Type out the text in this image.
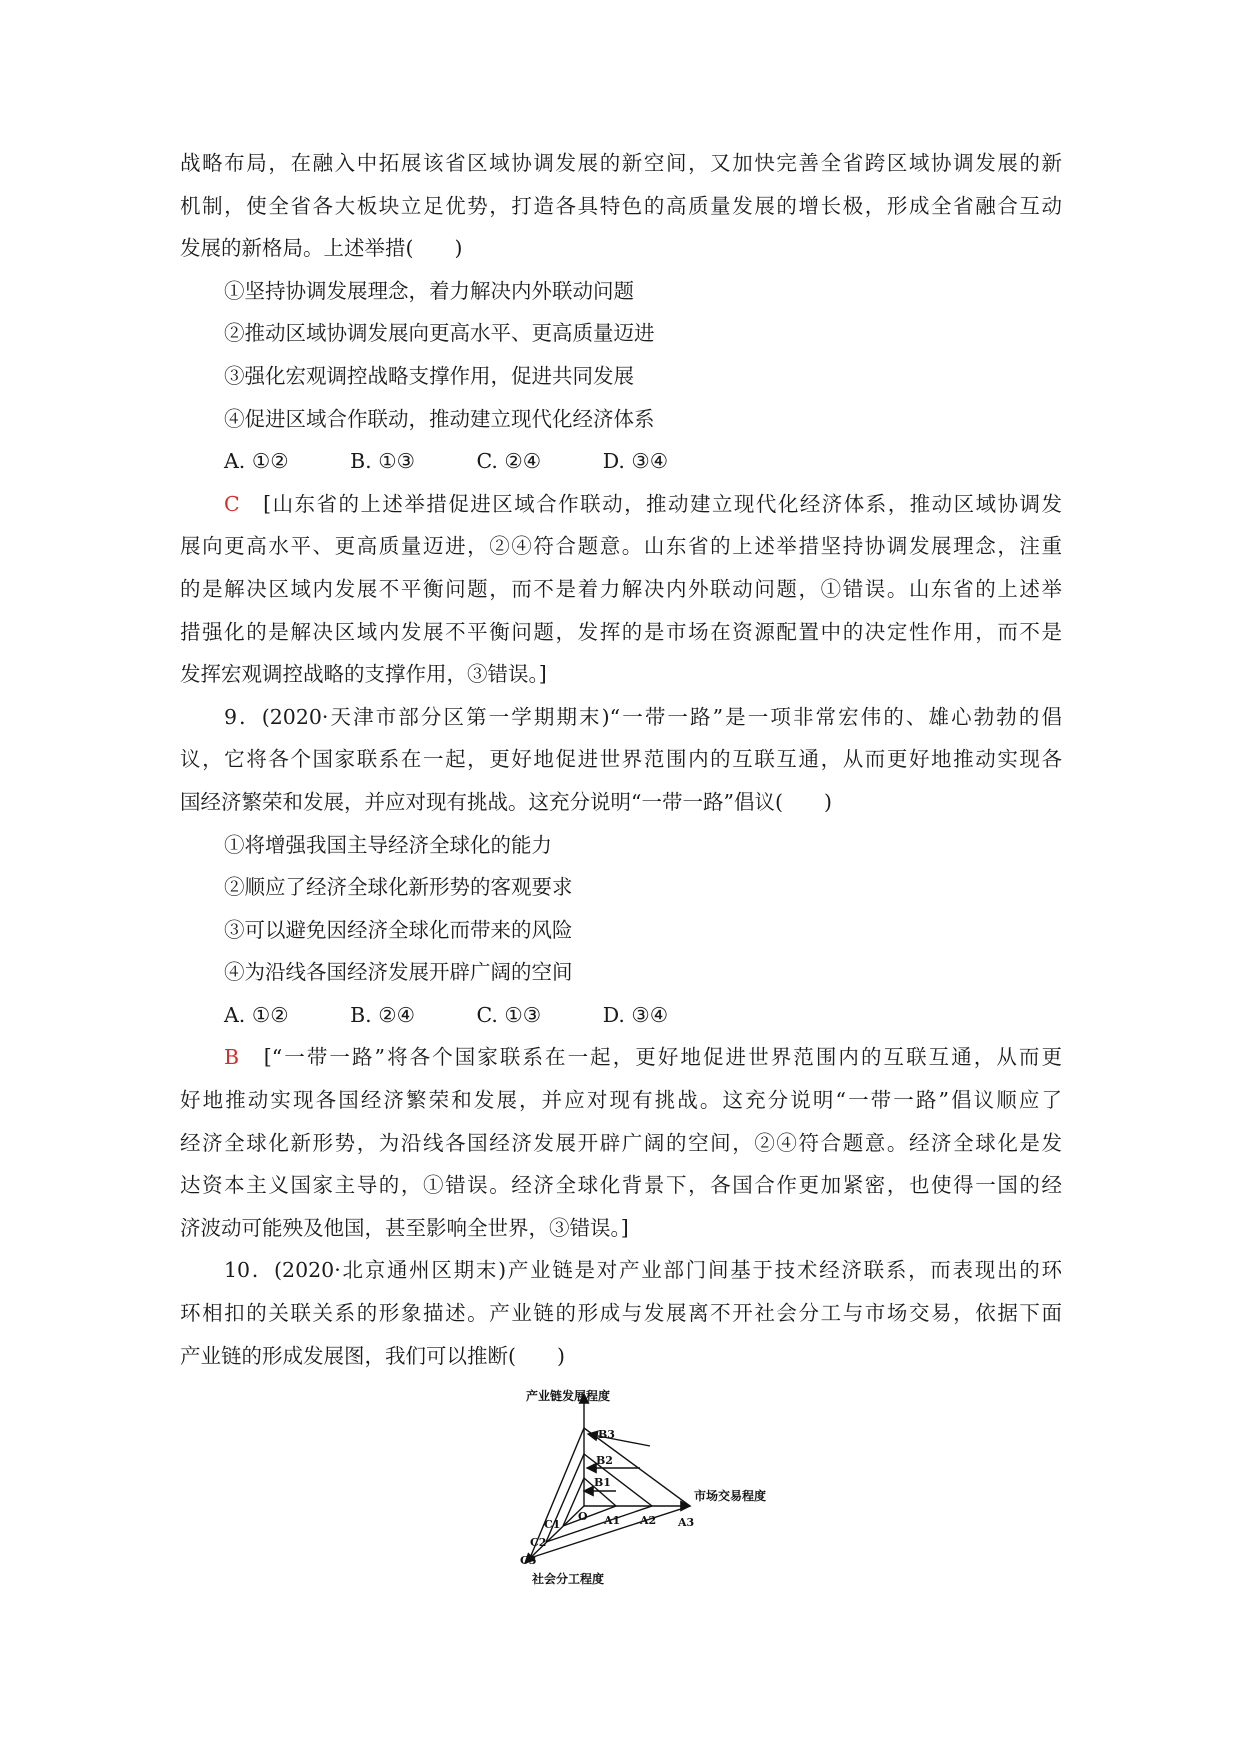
战略布局，在融入中拓展该省区域协调发展的新空间，又加快完善全省跨区域协调发展的新
机制，使全省各大板块立足优势，打造各具特色的高质量发展的增长极，形成全省融合互动
发展的新格局。上述举措(　　)
①坚持协调发展理念，着力解决内外联动问题
②推动区域协调发展向更高水平、更高质量迈进
③强化宏观调控战略支撑作用，促进共同发展
④促进区域合作联动，推动建立现代化经济体系
A. ①②　　　B. ①③　　　C. ②④　　　D. ③④
C　[山东省的上述举措促进区域合作联动，推动建立现代化经济体系，推动区域协调发
展向更高水平、更高质量迈进，②④符合题意。山东省的上述举措坚持协调发展理念，注重
的是解决区域内发展不平衡问题，而不是着力解决内外联动问题，①错误。山东省的上述举
措强化的是解决区域内发展不平衡问题，发挥的是市场在资源配置中的决定性作用，而不是
发挥宏观调控战略的支撑作用，③错误。]
9．(2020·天津市部分区第一学期期末)“一带一路”是一项非常宏伟的、雄心勃勃的倡
议，它将各个国家联系在一起，更好地促进世界范围内的互联互通，从而更好地推动实现各
国经济繁荣和发展，并应对现有挑战。这充分说明“一带一路”倡议(　　)
①将增强我国主导经济全球化的能力
②顺应了经济全球化新形势的客观要求
③可以避免因经济全球化而带来的风险
④为沿线各国经济发展开辟广阔的空间
A. ①②　　　B. ②④　　　C. ①③　　　D. ③④
B　[“一带一路”将各个国家联系在一起，更好地促进世界范围内的互联互通，从而更
好地推动实现各国经济繁荣和发展，并应对现有挑战。这充分说明“一带一路”倡议顺应了
经济全球化新形势，为沿线各国经济发展开辟广阔的空间，②④符合题意。经济全球化是发
达资本主义国家主导的，①错误。经济全球化背景下，各国合作更加紧密，也使得一国的经
济波动可能殃及他国，甚至影响全世界，③错误。]
10．(2020·北京通州区期末)产业链是对产业部门间基于技术经济联系，而表现出的环
环相扣的关联关系的形象描述。产业链的形成与发展离不开社会分工与市场交易，依据下面
产业链的形成发展图，我们可以推断(　　)
产业链发展程度
市场交易程度
社会分工程度
O
B1
B2
B3
A1 A2 A3
C1
C2
C3
